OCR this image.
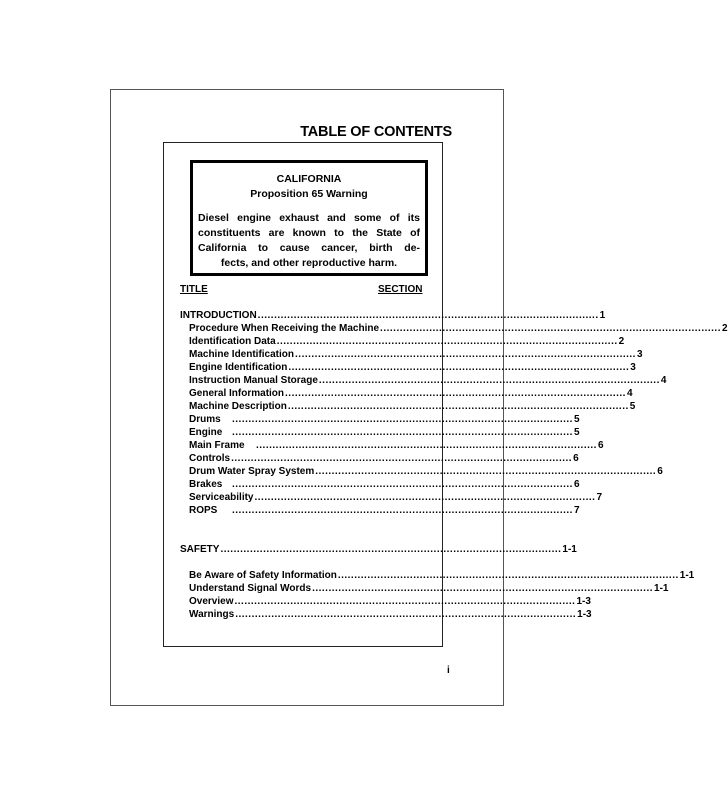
TABLE OF CONTENTS
CALIFORNIA
Proposition 65 Warning
Diesel engine exhaust and some of its
constituents are known to the State of
California to cause cancer, birth de-
fects, and other reproductive harm.
TITLE	SECTION
INTRODUCTION ........................................................................................................ 1
Procedure When Receiving the Machine ........................................................................................................ 2
Identification Data ........................................................................................................ 2
Machine Identification ........................................................................................................ 3
Engine Identification ........................................................................................................ 3
Instruction Manual Storage ........................................................................................................ 4
General Information ........................................................................................................ 4
Machine Description ........................................................................................................ 5
Drums	........................................................................................................ 5
Engine ........................................................................................................ 5
Main Frame	........................................................................................................ 6
Controls ........................................................................................................ 6
Drum Water Spray System ........................................................................................................ 6
Brakes ........................................................................................................ 6
Serviceability ........................................................................................................ 7
ROPS	........................................................................................................ 7
SAFETY ........................................................................................................ 1-1
Be Aware of Safety Information ........................................................................................................ 1-1
Understand Signal Words ........................................................................................................ 1-1
Overview ........................................................................................................ 1-3
Warnings ........................................................................................................ 1-3
i
